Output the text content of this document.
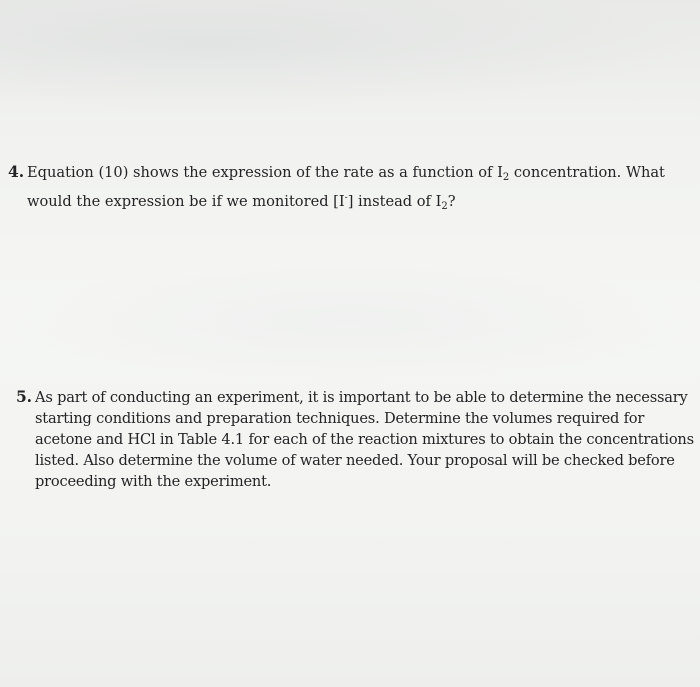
4. Equation (10) shows the expression of the rate as a function of $I_2$ concentration. What
would the expression be if we monitored [I-] instead of $I_2$?
5. As part of conducting an experiment, it is important to be able to determine the necessary
starting conditions and preparation techniques. Determine the volumes required for
acetone and HCl in Table 4.1 for each of the reaction mixtures to obtain the concentrations
listed. Also determine the volume of water needed. Your proposal will be checked before
proceeding with the experiment.
